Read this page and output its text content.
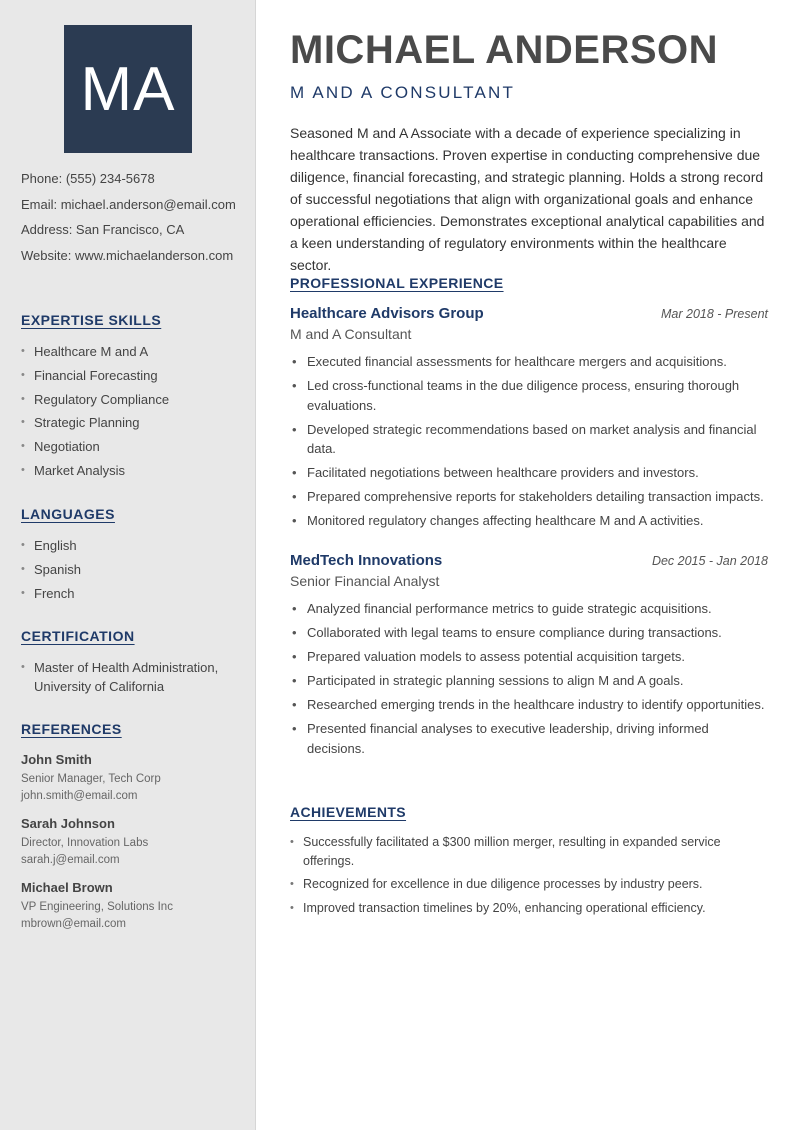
MA
Phone: (555) 234-5678
Email: michael.anderson@email.com
Address: San Francisco, CA
Website: www.michaelanderson.com
EXPERTISE SKILLS
• Healthcare M and A
• Financial Forecasting
• Regulatory Compliance
• Strategic Planning
• Negotiation
• Market Analysis
LANGUAGES
• English
• Spanish
• French
CERTIFICATION
• Master of Health Administration, University of California
REFERENCES
John Smith
Senior Manager, Tech Corp
john.smith@email.com
Sarah Johnson
Director, Innovation Labs
sarah.j@email.com
Michael Brown
VP Engineering, Solutions Inc
mbrown@email.com
MICHAEL ANDERSON
M AND A CONSULTANT

Seasoned M and A Associate with a decade of experience specializing in healthcare transactions. Proven expertise in conducting comprehensive due diligence, financial forecasting, and strategic planning. Holds a strong record of successful negotiations that align with organizational goals and enhance operational efficiencies. Demonstrates exceptional analytical capabilities and a keen understanding of regulatory environments within the healthcare sector.

PROFESSIONAL EXPERIENCE
Healthcare Advisors Group	Mar 2018 - Present
M and A Consultant
• Executed financial assessments for healthcare mergers and acquisitions.
• Led cross-functional teams in the due diligence process, ensuring thorough evaluations.
• Developed strategic recommendations based on market analysis and financial data.
• Facilitated negotiations between healthcare providers and investors.
• Prepared comprehensive reports for stakeholders detailing transaction impacts.
• Monitored regulatory changes affecting healthcare M and A activities.
MedTech Innovations	Dec 2015 - Jan 2018
Senior Financial Analyst
• Analyzed financial performance metrics to guide strategic acquisitions.
• Collaborated with legal teams to ensure compliance during transactions.
• Prepared valuation models to assess potential acquisition targets.
• Participated in strategic planning sessions to align M and A goals.
• Researched emerging trends in the healthcare industry to identify opportunities.
• Presented financial analyses to executive leadership, driving informed decisions.
ACHIEVEMENTS
• Successfully facilitated a $300 million merger, resulting in expanded service offerings.
• Recognized for excellence in due diligence processes by industry peers.
• Improved transaction timelines by 20%, enhancing operational efficiency.
